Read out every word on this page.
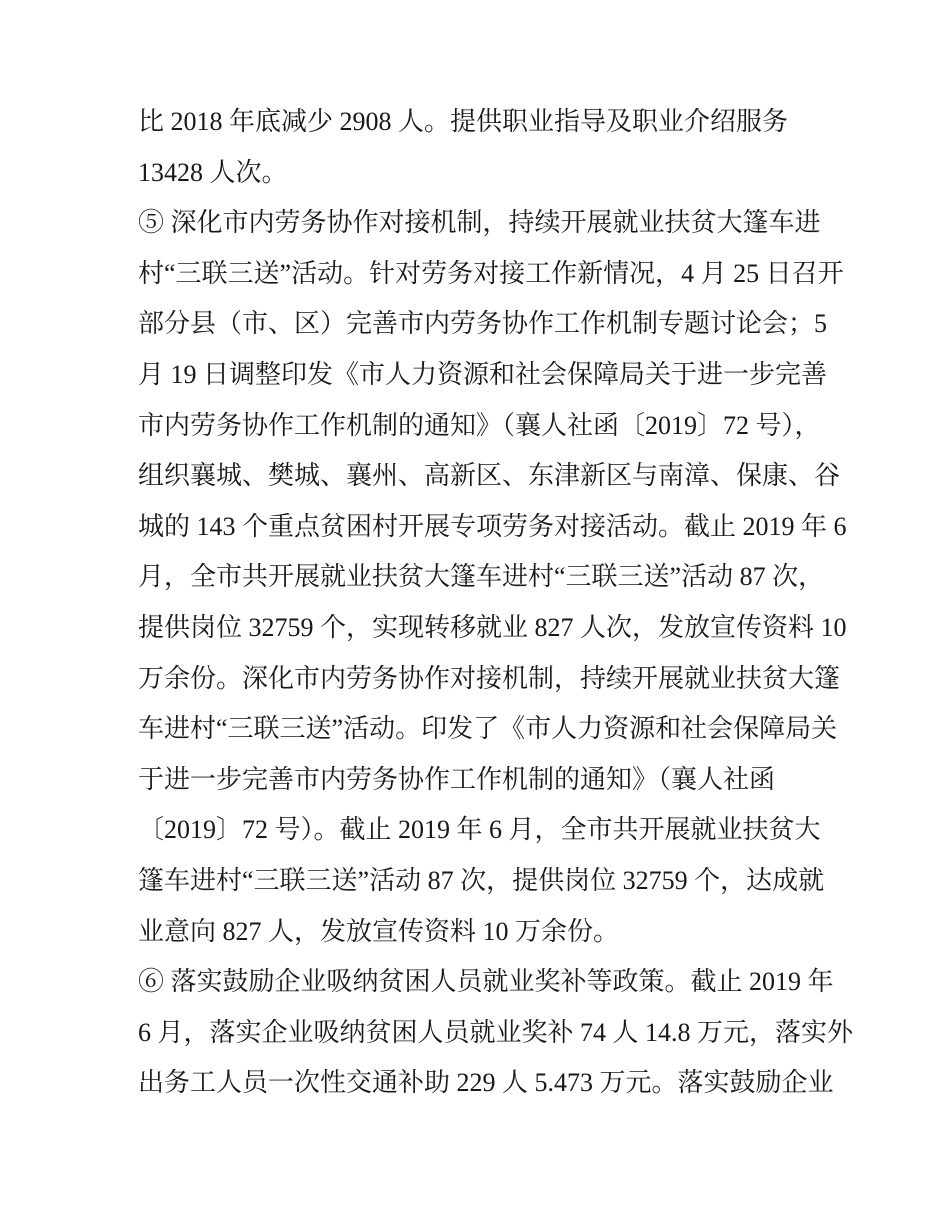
比 2018 年底减少 2908 人。提供职业指导及职业介绍服务
13428 人次。
⑤ 深化市内劳务协作对接机制，持续开展就业扶贫大篷车进
村“三联三送”活动。针对劳务对接工作新情况，4 月 25 日召开
部分县（市、区）完善市内劳务协作工作机制专题讨论会；5
月 19 日调整印发《市人力资源和社会保障局关于进一步完善
市内劳务协作工作机制的通知》（襄人社函〔2019〕72 号），
组织襄城、樊城、襄州、高新区、东津新区与南漳、保康、谷
城的 143 个重点贫困村开展专项劳务对接活动。截止 2019 年 6
月，全市共开展就业扶贫大篷车进村“三联三送”活动 87 次，
提供岗位 32759 个，实现转移就业 827 人次，发放宣传资料 10
万余份。深化市内劳务协作对接机制，持续开展就业扶贫大篷
车进村“三联三送”活动。印发了《市人力资源和社会保障局关
于进一步完善市内劳务协作工作机制的通知》（襄人社函
〔2019〕72 号）。截止 2019 年 6 月，全市共开展就业扶贫大
篷车进村“三联三送”活动 87 次，提供岗位 32759 个，达成就
业意向 827 人，发放宣传资料 10 万余份。
⑥ 落实鼓励企业吸纳贫困人员就业奖补等政策。截止 2019 年
6 月，落实企业吸纳贫困人员就业奖补 74 人 14.8 万元，落实外
出务工人员一次性交通补助 229 人 5.473 万元。落实鼓励企业
